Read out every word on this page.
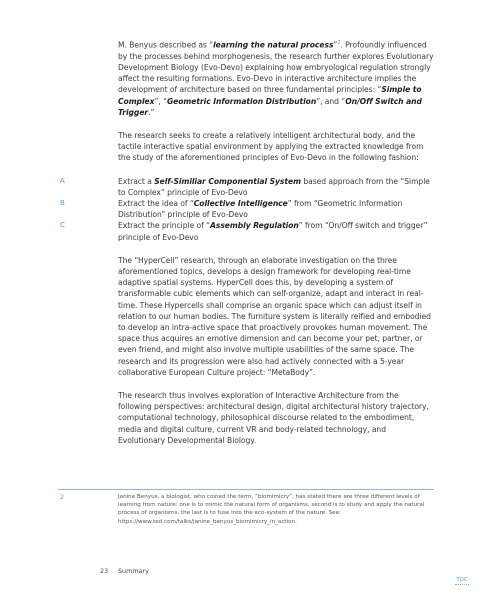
M. Benyus described as “learning the natural process”$^2$. Profoundly influenced by the processes behind morphogenesis, the research further explores Evolutionary Development Biology (Evo-Devo) explaining how embryological regulation strongly affect the resulting formations. Evo-Devo in interactive architecture implies the development of architecture based on three fundamental principles: “Simple to Complex”, “Geometric Information Distribution”, and “On/Off Switch and Trigger.”

The research seeks to create a relatively intelligent architectural body, and the tactile interactive spatial environment by applying the extracted knowledge from the study of the aforementioned principles of Evo-Devo in the following fashion:

A	Extract a Self-Similiar Componential System based approach from the “Simple to Complex” principle of Evo-Devo
B	Extract the idea of “Collective Intelligence” from “Geometric Information Distribution” principle of Evo-Devo
C	Extract the principle of “Assembly Regulation” from “On/Off switch and trigger” principle of Evo-Devo

The “HyperCell” research, through an elaborate investigation on the three aforementioned topics, develops a design framework for developing real-time adaptive spatial systems. HyperCell does this, by developing a system of transformable cubic elements which can self-organize, adapt and interact in real-time. These Hypercells shall comprise an organic space which can adjust itself in relation to our human bodies. The furniture system is literally reified and embodied to develop an intra-active space that proactively provokes human movement. The space thus acquires an emotive dimension and can become your pet, partner, or even friend, and might also involve multiple usabilities of the same space. The research and its progression were also had actively connected with a 5-year collaborative European Culture project: “MetaBody”.

The research thus involves exploration of Interactive Architecture from the following perspectives: architectural design, digital architectural history trajectory, computational technology, philosophical discourse related to the embodiment, media and digital culture, current VR and body-related technology, and Evolutionary Developmental Biology.

2	Janine Benyus, a biologist, who coined the term, “biomimicry”, has stated there are three different levels of learning from nature: one is to mimic the natural form of organisms, second is to study and apply the natural process of organisms, the last is to fuse into the eco-system of the nature. See: https://www.ted.com/talks/janine_benyus_biomimicry_in_action.
23 Summary
TOC
